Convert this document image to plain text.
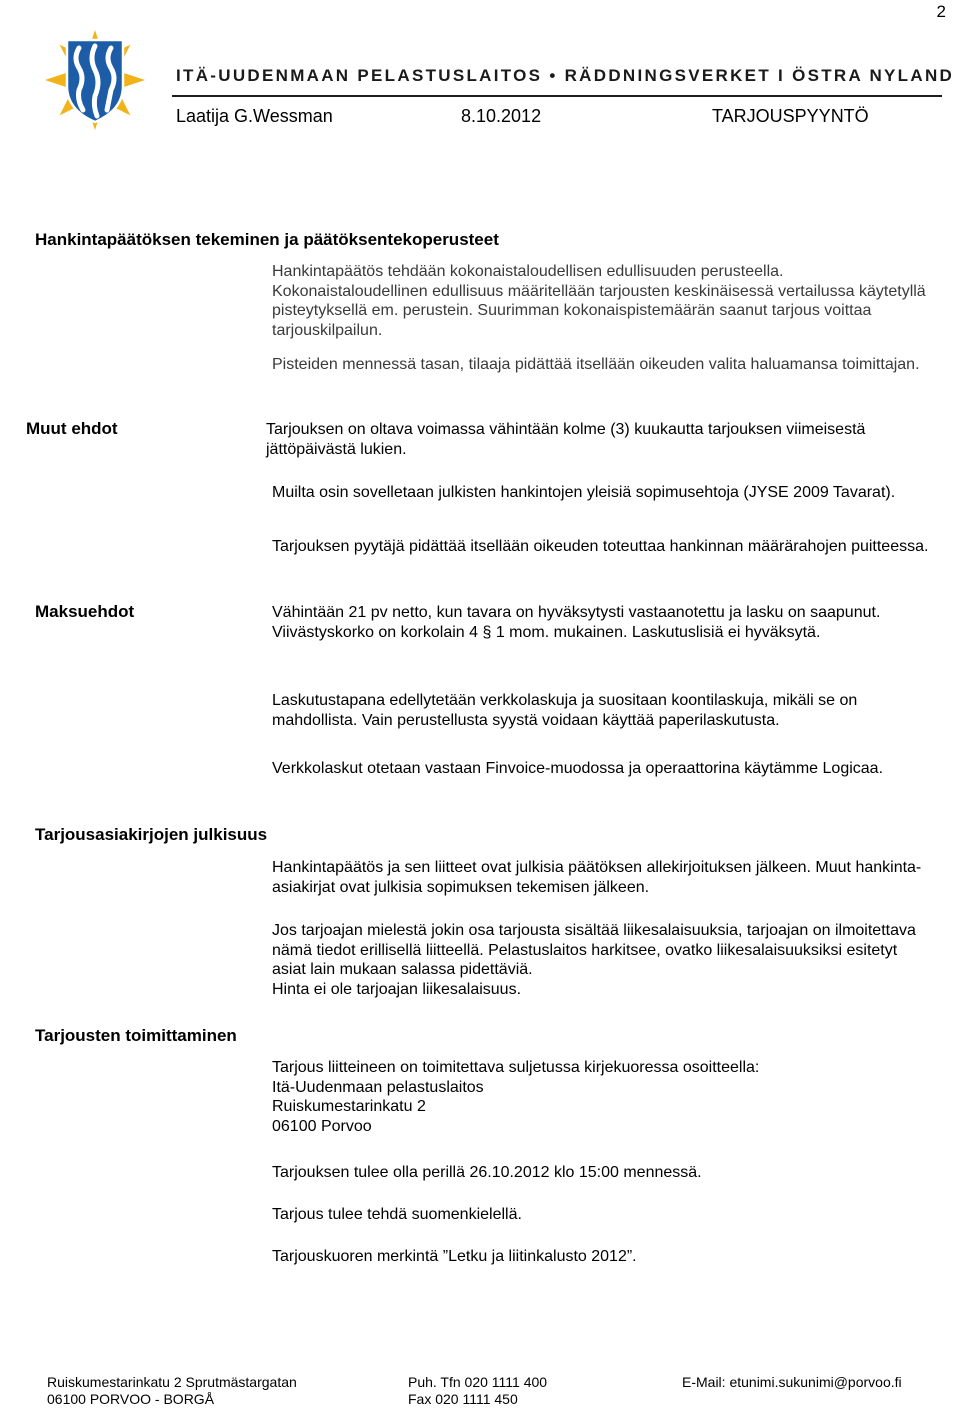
2
ITÄ-UUDENMAAN PELASTUSLAITOS • RÄDDNINGSVERKET I ÖSTRA NYLAND
Laatija G.Wessman	8.10.2012	TARJOUSPYYNTÖ
Hankintapäätöksen tekeminen ja päätöksentekoperusteet

Hankintapäätös tehdään kokonaistaloudellisen edullisuuden perusteella. Kokonaistaloudellinen edullisuus määritellään tarjousten keskinäisessä vertailussa käytetyllä pisteytyksellä em. perustein. Suurimman kokonaispistemäärän saanut tarjous voittaa tarjouskilpailun.

Pisteiden mennessä tasan, tilaaja pidättää itsellään oikeuden valita haluamansa toimittajan.

Muut ehdot	Tarjouksen on oltava voimassa vähintään kolme (3) kuukautta tarjouksen viimeisestä jättöpäivästä lukien.
Muilta osin sovelletaan julkisten hankintojen yleisiä sopimusehtoja (JYSE 2009 Tavarat).
Tarjouksen pyytäjä pidättää itsellään oikeuden toteuttaa hankinnan määrärahojen puitteessa.
Maksuehdot	Vähintään 21 pv netto, kun tavara on hyväksytysti vastaanotettu ja lasku on saapunut.

Viivästyskorko on korkolain 4 § 1 mom. mukainen. Laskutuslisiä ei hyväksytä.

Laskutustapana edellytetään verkkolaskuja ja suositaan koontilaskuja, mikäli se on mahdollista. Vain perustellusta syystä voidaan käyttää paperilaskutusta.
Verkkolaskut otetaan vastaan Finvoice-muodossa ja operaattorina käytämme Logicaa.
Tarjousasiakirjojen julkisuus
Hankintapäätös ja sen liitteet ovat julkisia päätöksen allekirjoituksen jälkeen. Muut hankinta-asiakirjat ovat julkisia sopimuksen tekemisen jälkeen.

Jos tarjoajan mielestä jokin osa tarjousta sisältää liikesalaisuuksia, tarjoajan on ilmoitettava nämä tiedot erillisellä liitteellä. Pelastuslaitos harkitsee, ovatko liikesalaisuuksiksi esitetyt asiat lain mukaan salassa pidettäviä.

Hinta ei ole tarjoajan liikesalaisuus.

Tarjousten toimittaminen

Tarjous liitteineen on toimitettava suljetussa kirjekuoressa osoitteella:

Itä-Uudenmaan pelastuslaitos

Ruiskumestarinkatu 2

06100 Porvoo

Tarjouksen tulee olla perillä 26.10.2012 klo 15:00 mennessä.
Tarjous tulee tehdä suomenkielellä.
Tarjouskuoren merkintä ”Letku ja liitinkalusto 2012”.
Ruiskumestarinkatu 2 Sprutmästargatan
06100 PORVOO - BORGÅ
Puh. Tfn 020 1111 400
Fax 020 1111 450
E-Mail: etunimi.sukunimi@porvoo.fi
